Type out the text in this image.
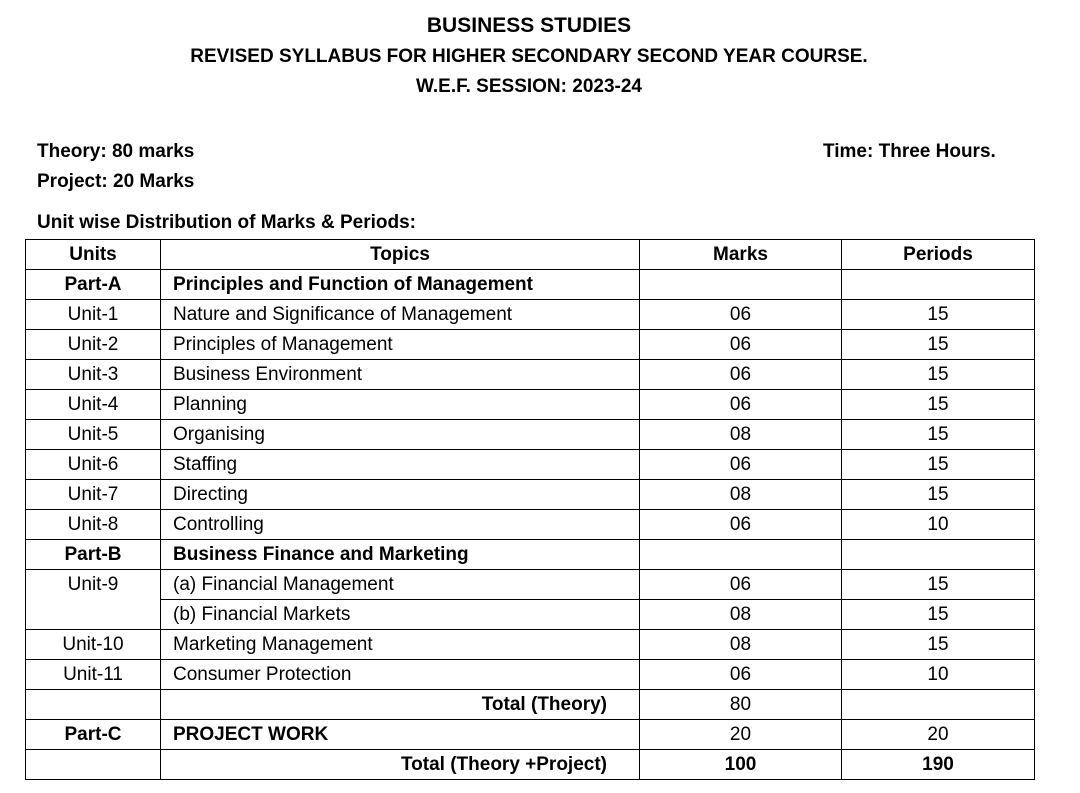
BUSINESS STUDIES
REVISED SYLLABUS FOR HIGHER SECONDARY SECOND YEAR COURSE.
W.E.F. SESSION: 2023-24
Theory: 80 marks
Project: 20 Marks
Time: Three Hours.
Unit wise Distribution of Marks & Periods:
Units	Topics	Marks	Periods
Part-A	Principles and Function of Management		
Unit-1	Nature and Significance of Management	06	15
Unit-2	Principles of Management	06	15
Unit-3	Business Environment	06	15
Unit-4	Planning	06	15
Unit-5	Organising	08	15
Unit-6	Staffing	06	15
Unit-7	Directing	08	15
Unit-8	Controlling	06	10
Part-B	Business Finance and Marketing		
Unit-9	(a) Financial Management	06	15
	(b) Financial Markets	08	15
Unit-10	Marketing Management	08	15
Unit-11	Consumer Protection	06	10
	Total (Theory)	80	
Part-C	PROJECT WORK	20	20
	Total (Theory +Project)	100	190
